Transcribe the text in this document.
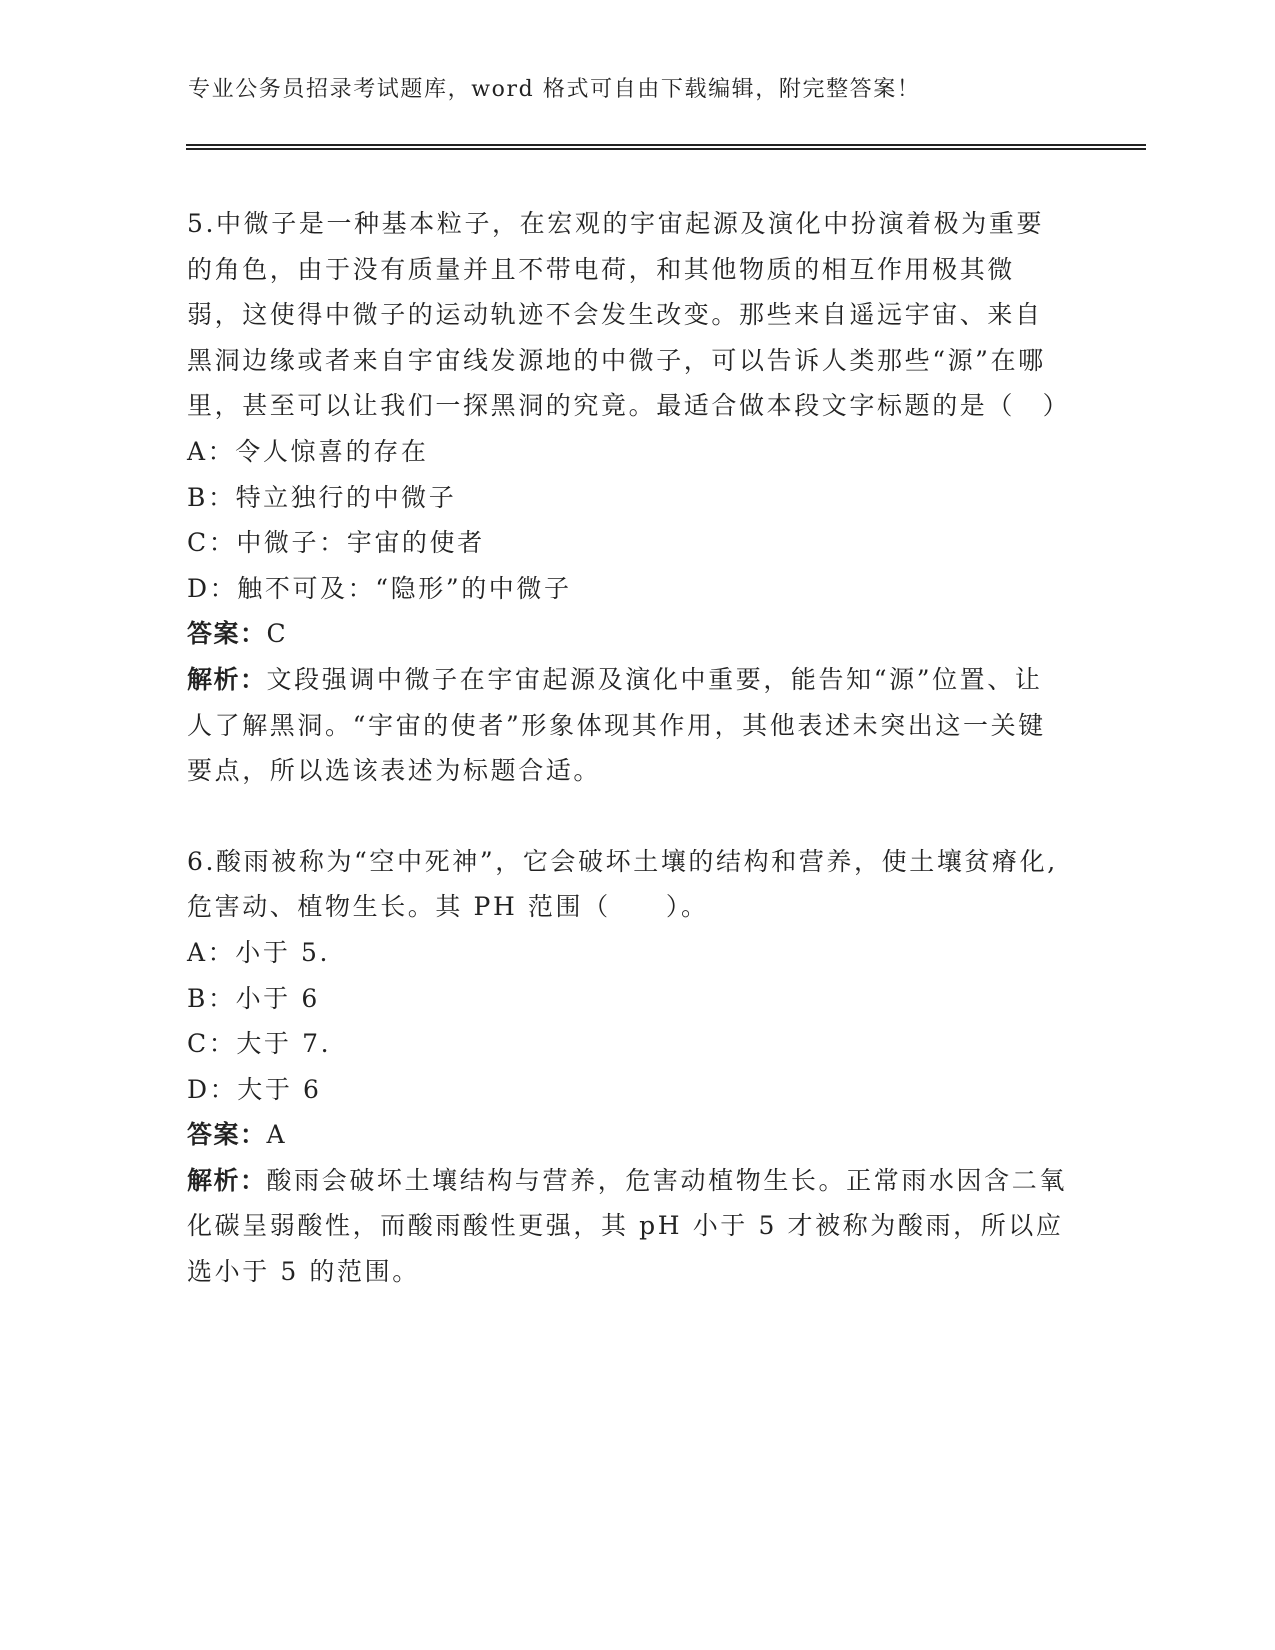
专业公务员招录考试题库，word 格式可自由下载编辑，附完整答案！

5.中微子是一种基本粒子，在宏观的宇宙起源及演化中扮演着极为重要的角色，由于没有质量并且不带电荷，和其他物质的相互作用极其微弱，这使得中微子的运动轨迹不会发生改变。那些来自遥远宇宙、来自黑洞边缘或者来自宇宙线发源地的中微子，可以告诉人类那些“源”在哪里，甚至可以让我们一探黑洞的究竟。最适合做本段文字标题的是（　）

A：令人惊喜的存在

B：特立独行的中微子

C：中微子：宇宙的使者

D：触不可及：“隐形”的中微子

答案：C

解析：文段强调中微子在宇宙起源及演化中重要，能告知“源”位置、让人了解黑洞。“宇宙的使者”形象体现其作用，其他表述未突出这一关键要点，所以选该表述为标题合适。

6.酸雨被称为“空中死神”，它会破坏土壤的结构和营养，使土壤贫瘠化,危害动、植物生长。其 PH 范围（　　）。

A：小于 5.

B：小于 6

C：大于 7.

D：大于 6

答案：A

解析：酸雨会破坏土壤结构与营养，危害动植物生长。正常雨水因含二氧化碳呈弱酸性，而酸雨酸性更强，其 pH 小于 5 才被称为酸雨，所以应选小于 5 的范围。
